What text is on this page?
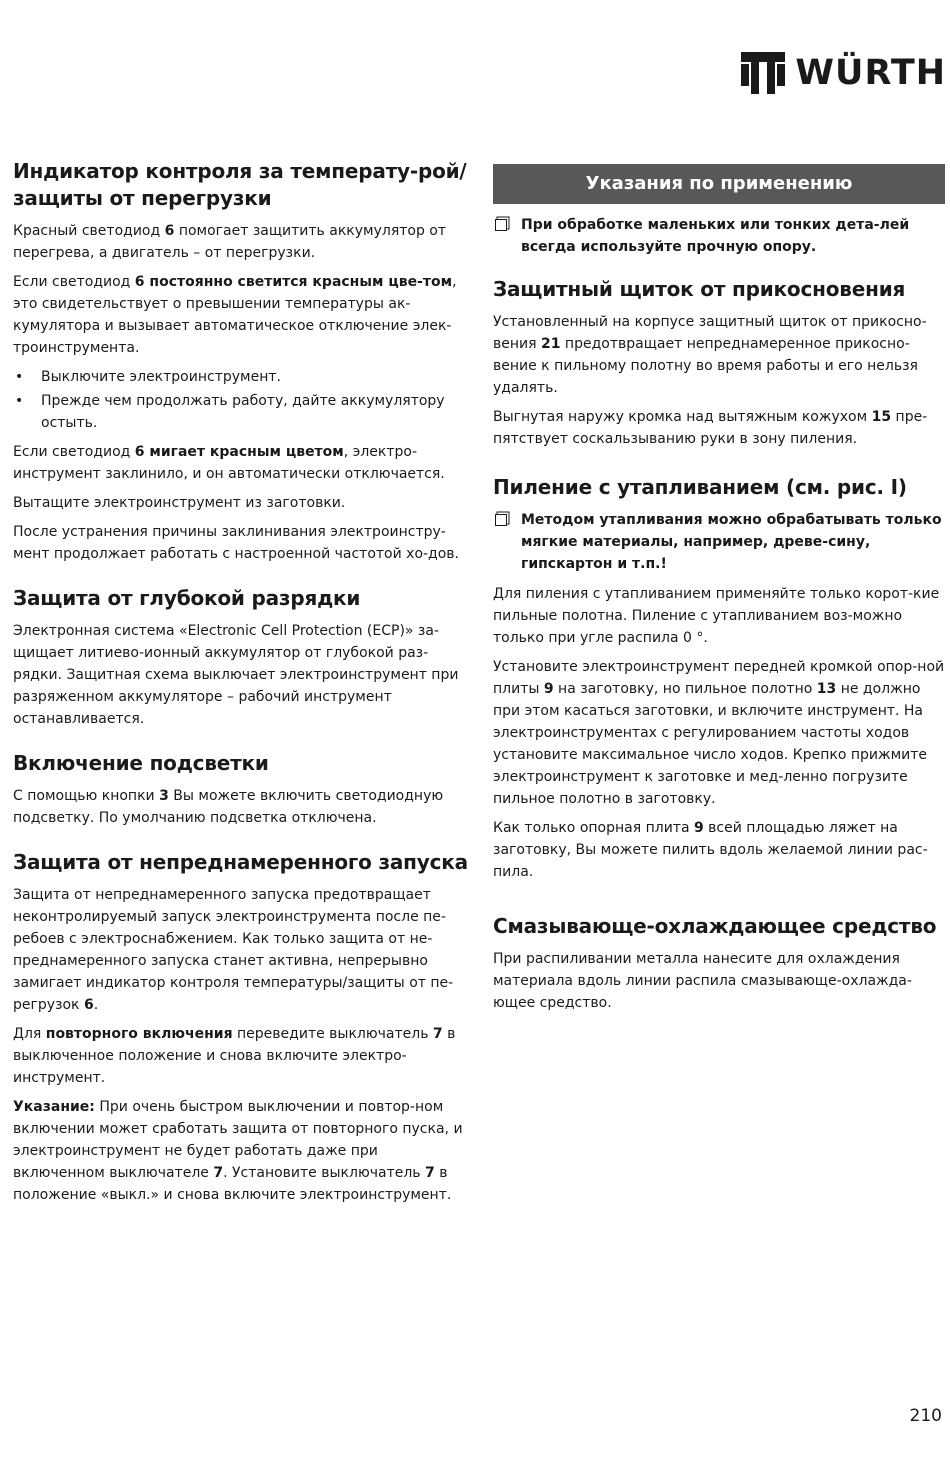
WÜRTH
Индикатор контроля за температу-рой/защиты от перегрузки

Красный светодиод 6 помогает защитить аккумулятор от перегрева, а двигатель – от перегрузки.

Если светодиод 6 постоянно светится красным цве-том, это свидетельствует о превышении температуры ак-кумулятора и вызывает автоматическое отключение элек-троинструмента.

• Выключите электроинструмент.
• Прежде чем продолжать работу, дайте аккумулятору остыть.

Если светодиод 6 мигает красным цветом, электро-инструмент заклинило, и он автоматически отключается.

Вытащите электроинструмент из заготовки.

После устранения причины заклинивания электроинстру-мент продолжает работать с настроенной частотой хо-дов.

Защита от глубокой разрядки

Электронная система «Electronic Cell Protection (ECP)» за-щищает литиево-ионный аккумулятор от глубокой раз-рядки. Защитная схема выключает электроинструмент при разряженном аккумуляторе – рабочий инструмент останавливается.

Включение подсветки

С помощью кнопки 3 Вы можете включить светодиодную подсветку. По умолчанию подсветка отключена.

Защита от непреднамеренного запуска

Защита от непреднамеренного запуска предотвращает неконтролируемый запуск электроинструмента после пе-ребоев с электроснабжением. Как только защита от не-преднамеренного запуска станет активна, непрерывно замигает индикатор контроля температуры/защиты от пе-регрузок 6.

Для повторного включения переведите выключатель 7 в выключенное положение и снова включите электро-инструмент.

Указание: При очень быстром выключении и повтор-ном включении может сработать защита от повторного пуска, и электроинструмент не будет работать даже при включенном выключателе 7. Установите выключатель 7 в положение «выкл.» и снова включите электроинструмент.

Указания по применению
При обработке маленьких или тонких дета-лей всегда используйте прочную опору.
Защитный щиток от прикосновения

Установленный на корпусе защитный щиток от прикосно-вения 21 предотвращает непреднамеренное прикосно-вение к пильному полотну во время работы и его нельзя удалять.

Выгнутая наружу кромка над вытяжным кожухом 15 пре-пятствует соскальзыванию руки в зону пиления.

Пиление с утапливанием (см. рис. I)
Методом утапливания можно обрабатывать только мягкие материалы, например, древе-сину, гипскартон и т.п.!

Для пиления с утапливанием применяйте только корот-кие пильные полотна. Пиление с утапливанием воз-можно только при угле распила 0 °.

Установите электроинструмент передней кромкой опор-ной плиты 9 на заготовку, но пильное полотно 13 не должно при этом касаться заготовки, и включите инструмент. На электроинструментах с регулированием частоты ходов установите максимальное число ходов. Крепко прижмите электроинструмент к заготовке и мед-ленно погрузите пильное полотно в заготовку.

Как только опорная плита 9 всей площадью ляжет на заготовку, Вы можете пилить вдоль желаемой линии рас-пила.

Смазывающе-охлаждающее средство

При распиливании металла нанесите для охлаждения материала вдоль линии распила смазывающе-охлажда-ющее средство.

210
